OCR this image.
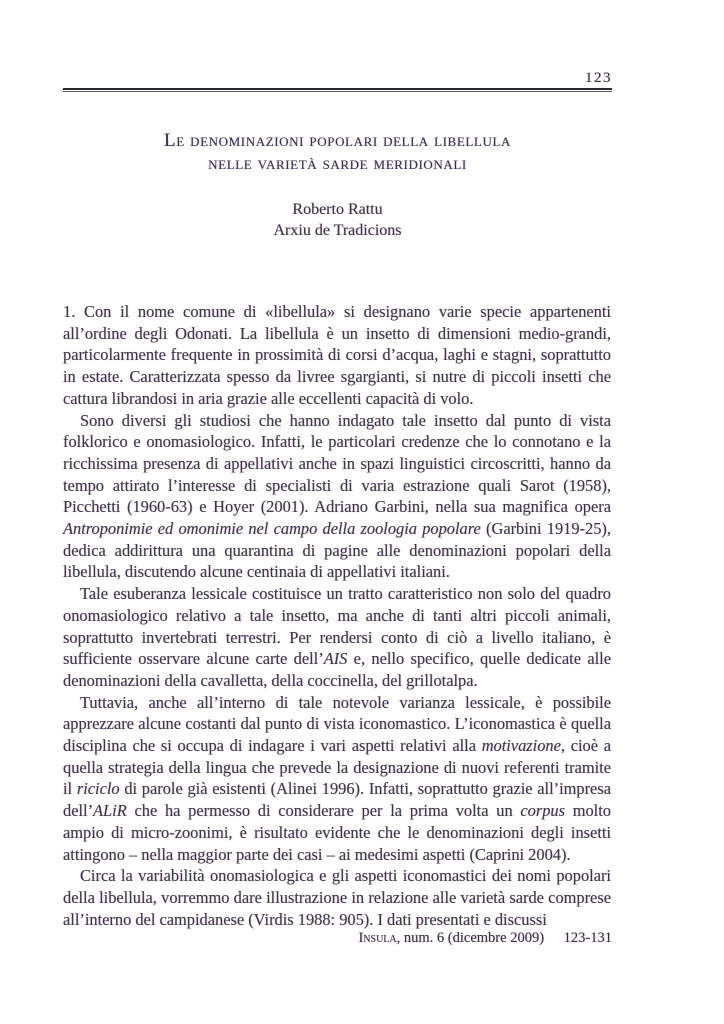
123
Le denominazioni popolari della libellula
nelle varietà sarde meridionali
Roberto Rattu
Arxiu de Tradicions

1. Con il nome comune di «libellula» si designano varie specie appartenenti all’ordine degli Odonati. La libellula è un insetto di dimensioni medio-grandi, particolarmente frequente in prossimità di corsi d’acqua, laghi e stagni, soprattutto in estate. Caratterizzata spesso da livree sgargianti, si nutre di piccoli insetti che cattura librandosi in aria grazie alle eccellenti capacità di volo.

Sono diversi gli studiosi che hanno indagato tale insetto dal punto di vista folklorico e onomasiologico. Infatti, le particolari credenze che lo connotano e la ricchissima presenza di appellativi anche in spazi linguistici circoscritti, hanno da tempo attirato l’interesse di specialisti di varia estrazione quali Sarot (1958), Picchetti (1960-63) e Hoyer (2001). Adriano Garbini, nella sua magnifica opera Antroponimie ed omonimie nel campo della zoologia popolare (Garbini 1919-25), dedica addirittura una quarantina di pagine alle denominazioni popolari della libellula, discutendo alcune centinaia di appellativi italiani.

Tale esuberanza lessicale costituisce un tratto caratteristico non solo del quadro onomasiologico relativo a tale insetto, ma anche di tanti altri piccoli animali, soprattutto invertebrati terrestri. Per rendersi conto di ciò a livello italiano, è sufficiente osservare alcune carte dell’AIS e, nello specifico, quelle dedicate alle denominazioni della cavalletta, della coccinella, del grillotalpa.

Tuttavia, anche all’interno di tale notevole varianza lessicale, è possibile apprezzare alcune costanti dal punto di vista iconomastico. L’iconomastica è quella disciplina che si occupa di indagare i vari aspetti relativi alla motivazione, cioè a quella strategia della lingua che prevede la designazione di nuovi referenti tramite il riciclo di parole già esistenti (Alinei 1996). Infatti, soprattutto grazie all’impresa dell’ALiR che ha permesso di considerare per la prima volta un corpus molto ampio di micro-zoonimi, è risultato evidente che le denominazioni degli insetti attingono – nella maggior parte dei casi – ai medesimi aspetti (Caprini 2004).

Circa la variabilità onomasiologica e gli aspetti iconomastici dei nomi popolari della libellula, vorremmo dare illustrazione in relazione alle varietà sarde comprese all’interno del campidanese (Virdis 1988: 905). I dati presentati e discussi

Insula, num. 6 (dicembre 2009) 123-131
